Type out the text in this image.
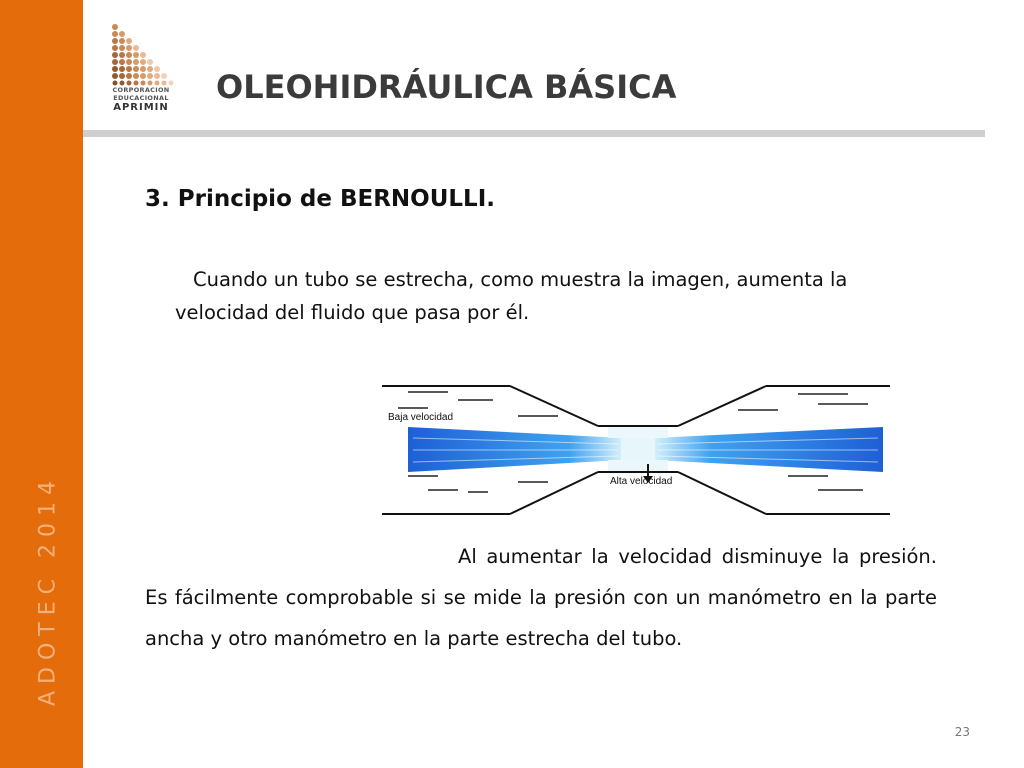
ADOTEC 2014
CORPORACION
EDUCACIONAL
APRIMIN
OLEOHIDRÁULICA BÁSICA
3. Principio de BERNOULLI.

Cuando un tubo se estrecha, como muestra la imagen, aumenta la velocidad del fluido que pasa por él.

Baja velocidad
Alta velocidad

Al aumentar la velocidad disminuye la presión. Es fácilmente comprobable si se mide la presión con un manómetro en la parte ancha y otro manómetro en la parte estrecha del tubo.

23
